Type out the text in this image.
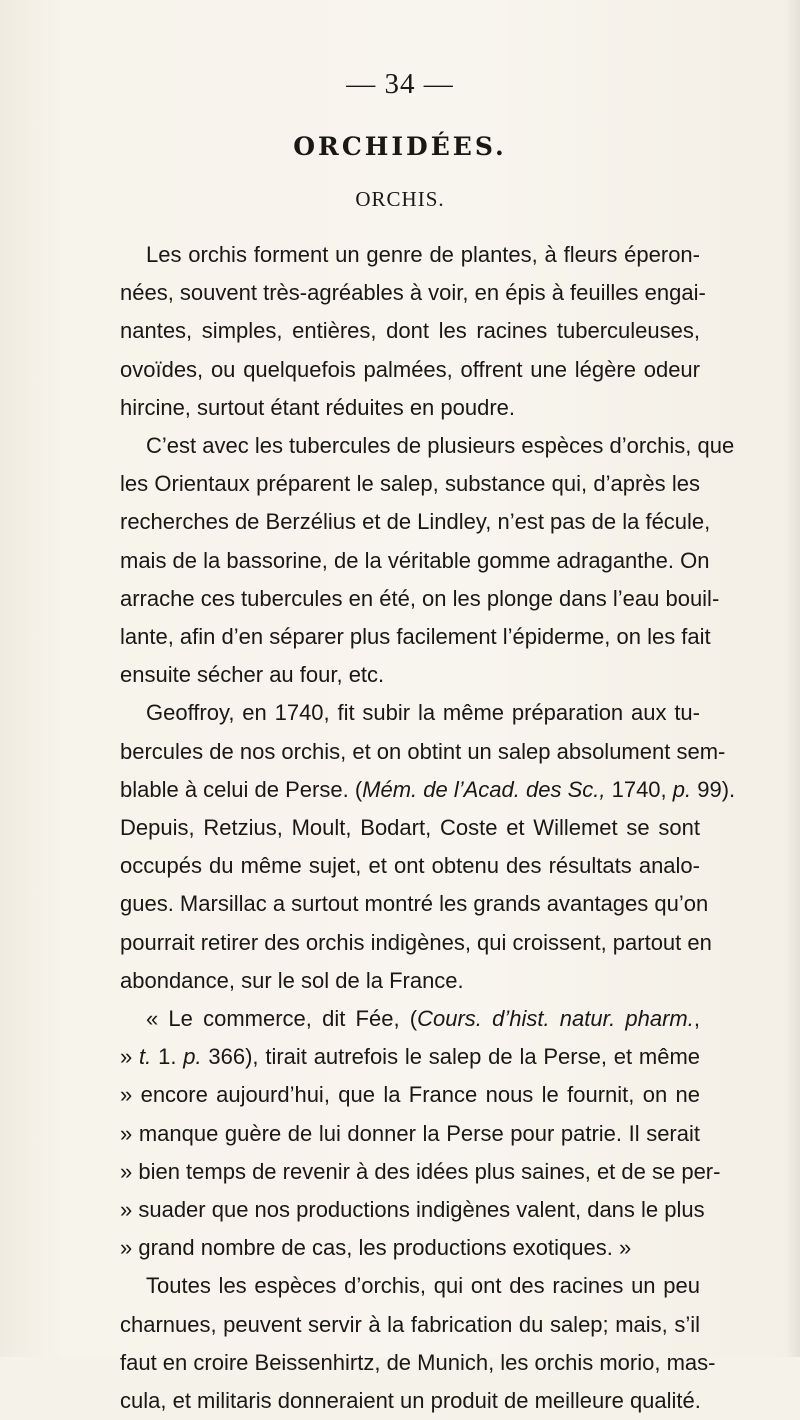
— 34 —
ORCHIDÉES.
ORCHIS.
Les orchis forment un genre de plantes, à fleurs éperon-
nées, souvent très-agréables à voir, en épis à feuilles engai-
nantes, simples, entières, dont les racines tuberculeuses,
ovoïdes, ou quelquefois palmées, offrent une légère odeur
hircine, surtout étant réduites en poudre.
C’est avec les tubercules de plusieurs espèces d’orchis, que
les Orientaux préparent le salep, substance qui, d’après les
recherches de Berzélius et de Lindley, n’est pas de la fécule,
mais de la bassorine, de la véritable gomme adraganthe. On
arrache ces tubercules en été, on les plonge dans l’eau bouil-
lante, afin d’en séparer plus facilement l’épiderme, on les fait
ensuite sécher au four, etc.
Geoffroy, en 1740, fit subir la même préparation aux tu-
bercules de nos orchis, et on obtint un salep absolument sem-
blable à celui de Perse. (Mém. de l’Acad. des Sc., 1740, p. 99).
Depuis, Retzius, Moult, Bodart, Coste et Willemet se sont
occupés du même sujet, et ont obtenu des résultats analo-
gues. Marsillac a surtout montré les grands avantages qu’on
pourrait retirer des orchis indigènes, qui croissent, partout en
abondance, sur le sol de la France.
« Le commerce, dit Fée, (Cours. d’hist. natur. pharm.,
» t. 1. p. 366), tirait autrefois le salep de la Perse, et même
» encore aujourd’hui, que la France nous le fournit, on ne
» manque guère de lui donner la Perse pour patrie. Il serait
» bien temps de revenir à des idées plus saines, et de se per-
» suader que nos productions indigènes valent, dans le plus
» grand nombre de cas, les productions exotiques. »
Toutes les espèces d’orchis, qui ont des racines un peu
charnues, peuvent servir à la fabrication du salep; mais, s’il
faut en croire Beissenhirtz, de Munich, les orchis morio, mas-
cula, et militaris donneraient un produit de meilleure qualité.
